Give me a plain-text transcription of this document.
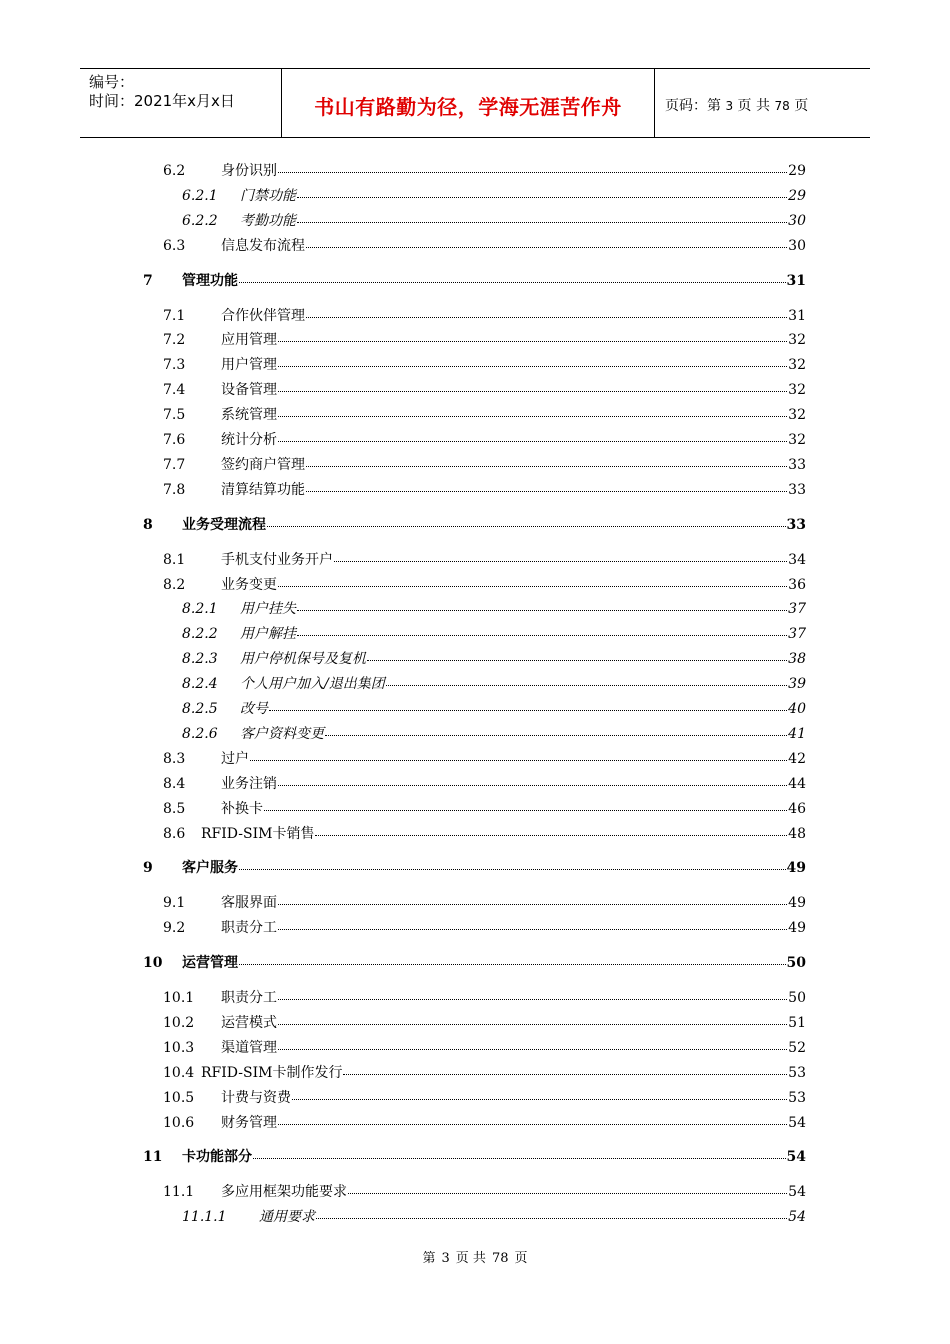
编号：
时间：2021年x月x日	书山有路勤为径，学海无涯苦作舟	页码：第 3 页 共 78 页
6.2	身份识别	29
6.2.1 门禁功能	29
6.2.2 考勤功能	30
6.3	信息发布流程	30
7 管理功能	31
7.1	合作伙伴管理	31
7.2	应用管理	32
7.3	用户管理	32
7.4	设备管理	32
7.5	系统管理	32
7.6	统计分析	32
7.7	签约商户管理	33
7.8	清算结算功能	33
8 业务受理流程	33
8.1	手机支付业务开户	34
8.2	业务变更	36
8.2.1 用户挂失	37
8.2.2 用户解挂	37
8.2.3 用户停机保号及复机	38
8.2.4 个人用户加入/退出集团	39
8.2.5 改号	40
8.2.6 客户资料变更	41
8.3	过户	42
8.4	业务注销	44
8.5	补换卡	46
8.6 RFID-SIM卡销售	48
9 客户服务	49
9.1	客服界面	49
9.2	职责分工	49
10 运营管理	50
10.1 职责分工	50
10.2 运营模式	51
10.3 渠道管理	52
10.4 RFID-SIM卡制作发行	53
10.5 计费与资费	53
10.6 财务管理	54
11 卡功能部分	54
11.1 多应用框架功能要求	54
11.1.1 通用要求	54
第 3 页 共 78 页
